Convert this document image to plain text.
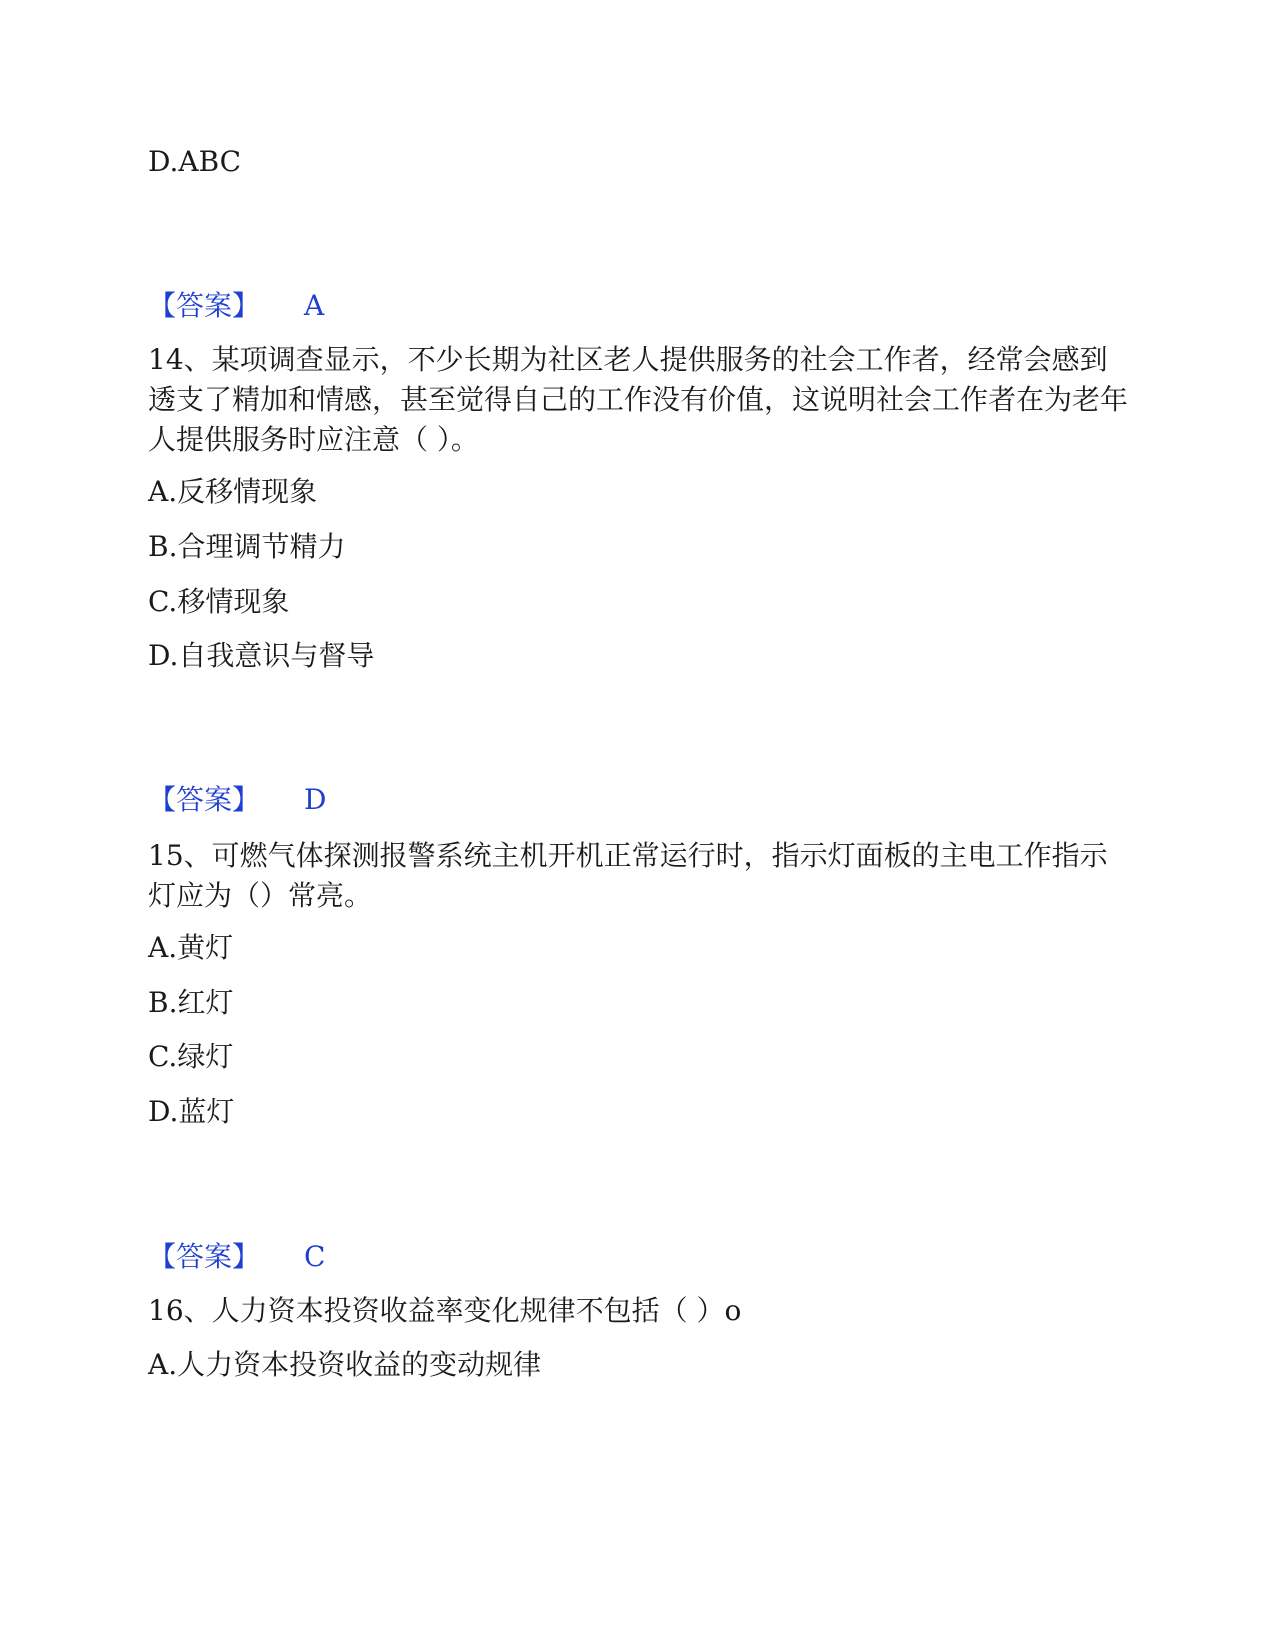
D.ABC
【答案】 A
14、某项调查显示，不少长期为社区老人提供服务的社会工作者，经常会感到透支了精加和情感，甚至觉得自己的工作没有价值，这说明社会工作者在为老年人提供服务时应注意（ ）。
A.反移情现象
B.合理调节精力
C.移情现象
D.自我意识与督导
【答案】 D
15、可燃气体探测报警系统主机开机正常运行时，指示灯面板的主电工作指示灯应为（）常亮。
A.黄灯
B.红灯
C.绿灯
D.蓝灯
【答案】 C
16、人力资本投资收益率变化规律不包括（ ）o
A.人力资本投资收益的变动规律
